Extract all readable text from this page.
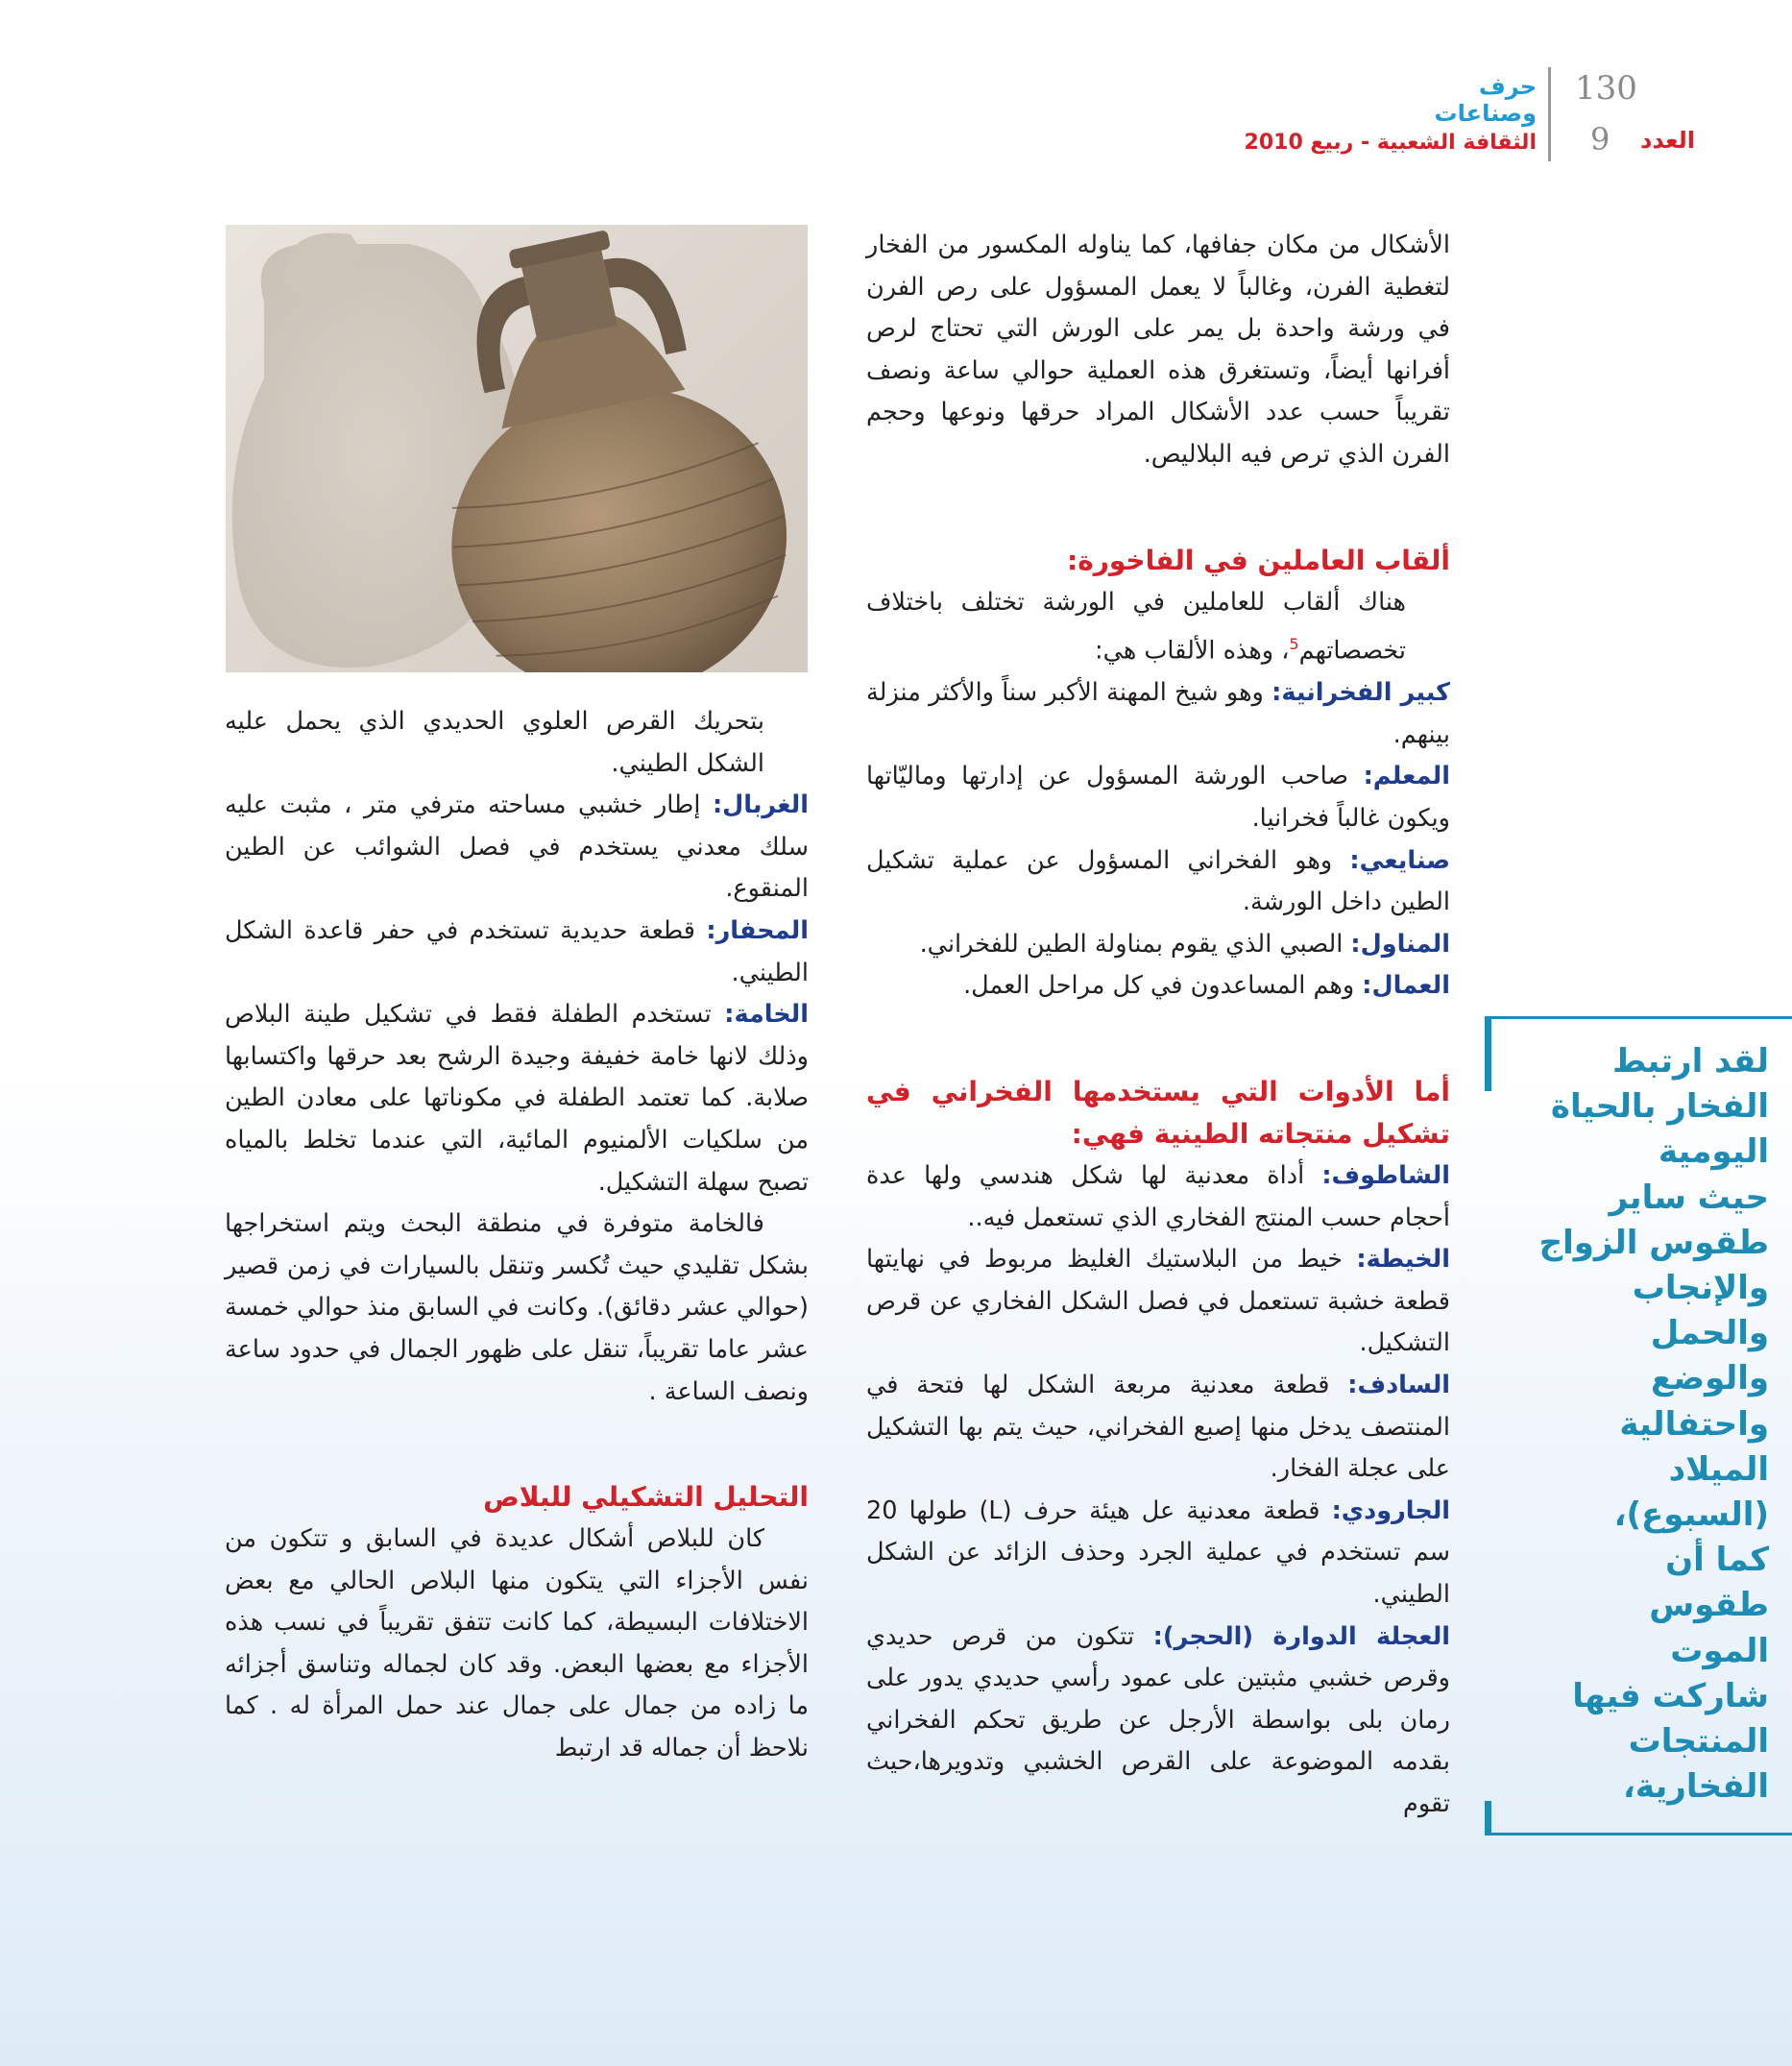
130
حرف وصناعات
العدد
9
الثقافة الشعبية - ربيع 2010

الأشكال من مكان جفافها، كما يناوله المكسور من الفخار لتغطية الفرن، وغالباً لا يعمل المسؤول على رص الفرن في ورشة واحدة بل يمر على الورش التي تحتاج لرص أفرانها أيضاً، وتستغرق هذه العملية حوالي ساعة ونصف تقريباً حسب عدد الأشكال المراد حرقها ونوعها وحجم الفرن الذي ترص فيه البلاليص.

ألقاب العاملين في الفاخورة:

هناك ألقاب للعاملين في الورشة تختلف باختلاف تخصصاتهم$^5$، وهذه الألقاب هي:

كبير الفخرانية: وهو شيخ المهنة الأكبر سناً والأكثر منزلة بينهم.

المعلم: صاحب الورشة المسؤول عن إدارتها وماليّاتها ويكون غالباً فخرانيا.

صنايعي: وهو الفخراني المسؤول عن عملية تشكيل الطين داخل الورشة.

المناول: الصبي الذي يقوم بمناولة الطين للفخراني.

العمال: وهم المساعدون في كل مراحل العمل.

أما الأدوات التي يستخدمها الفخراني في تشكيل منتجاته الطينية فهي:

الشاطوف: أداة معدنية لها شكل هندسي ولها عدة أحجام حسب المنتج الفخاري الذي تستعمل فيه..

الخيطة: خيط من البلاستيك الغليظ مربوط في نهايتها قطعة خشبة تستعمل في فصل الشكل الفخاري عن قرص التشكيل.

السادف: قطعة معدنية مربعة الشكل لها فتحة في المنتصف يدخل منها إصبع الفخراني، حيث يتم بها التشكيل على عجلة الفخار.

الجارودي: قطعة معدنية عل هيئة حرف (L) طولها 20 سم تستخدم في عملية الجرد وحذف الزائد عن الشكل الطيني.

العجلة الدوارة (الحجر): تتكون من قرص حديدي وقرص خشبي مثبتين على عمود رأسي حديدي يدور على رمان بلى بواسطة الأرجل عن طريق تحكم الفخراني بقدمه الموضوعة على القرص الخشبي وتدويرها،حيث تقوم

بتحريك القرص العلوي الحديدي الذي يحمل عليه الشكل الطيني.

الغربال: إطار خشبي مساحته مترفي متر ، مثبت عليه سلك معدني يستخدم في فصل الشوائب عن الطين المنقوع.

المحفار: قطعة حديدية تستخدم في حفر قاعدة الشكل الطيني.

الخامة: تستخدم الطفلة فقط في تشكيل طينة البلاص وذلك لانها خامة خفيفة وجيدة الرشح بعد حرقها واكتسابها صلابة. كما تعتمد الطفلة في مكوناتها على معادن الطين من سلكيات الألمنيوم المائية، التي عندما تخلط بالمياه تصبح سهلة التشكيل.

فالخامة متوفرة في منطقة البحث ويتم استخراجها بشكل تقليدي حيث تُكسر وتنقل بالسيارات في زمن قصير (حوالي عشر دقائق). وكانت في السابق منذ حوالي خمسة عشر عاما تقريباً، تنقل على ظهور الجمال في حدود ساعة ونصف الساعة .

التحليل التشكيلي للبلاص

كان للبلاص أشكال عديدة في السابق و تتكون من نفس الأجزاء التي يتكون منها البلاص الحالي مع بعض الاختلافات البسيطة، كما كانت تتفق تقريباً في نسب هذه الأجزاء مع بعضها البعض. وقد كان لجماله وتناسق أجزائه ما زاده من جمال على جمال عند حمل المرأة له . كما نلاحظ أن جماله قد ارتبط

لقد ارتبط

الفخار بالحياة

اليومية

حيث ساير

طقوس الزواج

والإنجاب

والحمل

والوضع

واحتفالية

الميلاد

(السبوع)،

كما أن

طقوس

الموت

شاركت فيها

المنتجات

الفخارية،
